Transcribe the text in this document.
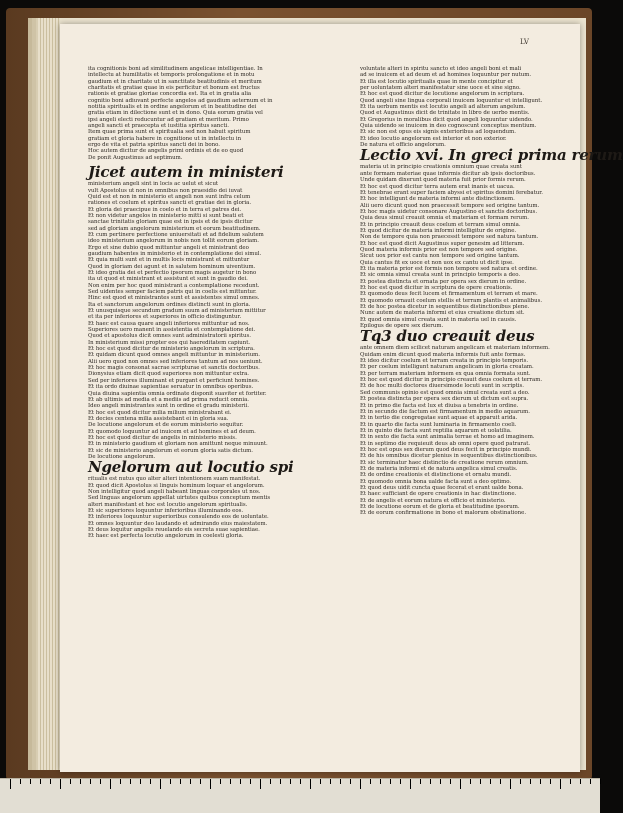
LV
ita cognitionis boni ad similitudinem angelicae intelligentiae. In
intellectu at humilitatis et temporis prolongatione et in motu
gaudium et in charitate ut in sanctitate beatitudinis et meritum
charitatis et gratiae quae in eis perficitur et bonum est fructus
rationis et gratiae gloriae concordia est. Ita et in gratia alia
cognitio boni adiuvant perfecte angelos ad gaudium aeternum et in
notitia spiritualis et in ordine angelorum et in beatitudine dei
gratia etiam in dilectione sunt et in dono. Quia eorum gratia vel
ipsi angeli electi reducuntur ad gratiam et meritum. Primo
angeli sancti et praecepta et iustitia spiritus sancti.
Item quae prima sunt et spiritualia sed non habuit spiritum
gratiam et gloria habere in cognitione ut in intellectu in
ergo de vita et patria spiritus sancti dei in bono.
Hoc autem dicitur de angelis primi ordinis et de eo quod
De ponit Augustinus ad septimum.
Jicet autem in ministeri
ministerium angeli sint in locis ac uelut et sicut
vult Apostolus ut non in omnibus non praesidio dei iuvat
Quid est et non in ministerio et angeli non sunt infra celum
rationes et coelum et spiritus sancti et gratiae dei in gloria.
Et gloria dei praecipue in coelo et in terra et patres dei.
Et non videtur angelos in ministerio mitti si sunt beati et
sanctae trinitatis gloriam quae est in ipsis et de ipsis dicitur
sed ad gloriam angelorum ministerium et eorum beatitudinem.
Et cum pertinere perfectione uniuersitati et ad fidelium salutem
ideo ministerium angelorum in nobis non tollit eorum gloriam.
Ergo et sine dubio quod mittuntur angeli et ministrant deo
gaudium habentes in ministerio et in contemplatione dei simul.
Et quia multi sunt et in multis locis ministrant et mittuntur
Quod in gloriam dei agunt et in salutem hominum uiventium.
Et ideo gratia dei et perfectio ipsorum magis augetur in bono
ita ut quod et ministrant et assistunt et sunt in gaudio dei.
Non enim per hoc quod ministrant a contemplatione recedunt.
Sed uidentes semper faciem patris qui in coelis est mittuntur.
Hinc est quod et ministrantes sunt et assistentes simul omnes.
Ita et sanctorum angelorum ordines distincti sunt in gloria.
Et unusquisque secundum gradum suum ad ministerium mittitur
et ita per inferiores et superiores in officio distinguntur.
Et haec est causa quare angeli inferiores mittuntur ad nos.
Superiores uero manent in assistentia et contemplatione dei.
Quod et apostolus dicit omnes sunt administratorii spiritus.
In ministerium missi propter eos qui haereditatem capiunt.
Et hoc est quod dicitur de ministerio angelorum in scriptura.
Et quidam dicunt quod omnes angeli mittuntur in ministerium.
Alii uero quod non omnes sed inferiores tantum ad nos ueniunt.
Et hoc magis consonat sacrae scripturae et sanctis doctoribus.
Dionysius etiam dicit quod superiores non mittuntur extra.
Sed per inferiores illuminant et purgant et perficiunt homines.
Et ita ordo diuinae sapientiae seruatur in omnibus operibus.
Quia diuina sapientia omnia ordinate disponit suaviter et fortiter.
Et ab ultimis ad media et a mediis ad prima reducit omnia.
Ideo angeli ministrantes sunt in ordine et gradu ministerii.
Et hoc est quod dicitur milia milium ministrabant ei.
Et decies centena milia assistebant ei in gloria sua.
De locutione angelorum et de eorum ministerio sequitur.
Et quomodo loquuntur ad inuicem et ad homines et ad deum.
Et hoc est quod dicitur de angelis in ministerio missis.
Et in ministerio gaudium et gloriam non amittunt neque minuunt.
Et sic de ministerio angelorum et eorum gloria satis dictum.
De locutione angelorum.
Ngelorum aut locutio spi
ritualis est nutus quo alter alteri intentionem suam manifestat.
Et quod dicit Apostolus si linguis hominum loquar et angelorum.
Non intelligitur quod angeli habeant linguas corporales ut nos.
Sed linguas angelorum appellat uirtutes quibus conceptum mentis
alteri manifestant et hoc est locutio angelorum spiritualis.
Et sic superiores loquuntur inferioribus illuminando eos.
Et inferiores loquuntur superioribus consulendo eos de uoluntate.
Et omnes loquuntur deo laudando et admirando eius maiestatem.
Et deus loquitur angelis reuelando eis secreta suae sapientiae.
Et haec est perfecta locutio angelorum in coelesti gloria.
voluntate alteri in spiritu sancto et ideo angeli boni et mali
ad se inuicem et ad deum et ad homines loquuntur per nutum.
Et illa est locutio spiritualis quae in mente concipitur et
per uoluntatem alteri manifestatur sine uoce et sine signo.
Et hoc est quod dicitur de locutione angelorum in scriptura.
Quod angeli sine lingua corporali inuicem loquuntur et intelligunt.
Et ita uerbum mentis est locutio angeli ad alterum angelum.
Quod et Augustinus dicit de trinitate in libro de uerbo mentis.
Et Gregorius in moralibus dicit quod angeli loquuntur uidendo.
Quia uidendo se inuicem in deo cognoscunt conceptus mentium.
Et sic non est opus eis signis exterioribus ad loquendum.
Et ideo locutio angelorum est interior et non exterior.
De natura et officio angelorum.
Lectio xvi. In greci prima rerum
materia ut in principio creationis omnium quae creata sunt
ante formam materiae quae informis dicitur ab ipsis doctoribus.
Unde quidam dixerunt quod materia fuit prior formis rerum.
Et hoc est quod dicitur terra autem erat inanis et uacua.
Et tenebrae erant super faciem abyssi et spiritus domini ferebatur.
Et hoc intelligunt de materia informi ante distinctionem.
Alii uero dicunt quod non praecessit tempore sed origine tantum.
Et hoc magis uidetur consonare Augustino et sanctis doctoribus.
Quia deus simul creauit omnia et materiam et formam rerum.
Et in principio creauit deus coelum et terram simul omnia.
Et quod dicitur de materia informi intelligitur de origine.
Non de tempore quia non praecessit tempore sed natura tantum.
Et hoc est quod dicit Augustinus super genesim ad litteram.
Quod materia informis prior est non tempore sed origine.
Sicut uox prior est cantu non tempore sed origine tantum.
Quia cantus fit ex uoce et non uox ex cantu ut dicit ipse.
Et ita materia prior est formis non tempore sed natura et ordine.
Et sic omnia simul creata sunt in principio temporis a deo.
Et postea distincta et ornata per opera sex dierum in ordine.
Et hoc est quod dicitur in scriptura de opere creationis.
Et quomodo deus fecit lucem et firmamentum et terram et mare.
Et quomodo ornauit coelum stellis et terram plantis et animalibus.
Et de hoc postea dicetur in sequentibus distinctionibus plene.
Nunc autem de materia informi et eius creatione dictum sit.
Et quod omnia simul creata sunt in materia uel in causis.
Epilogus de opere sex dierum.
Tq3 duo creauit deus
ante omnem diem scilicet naturam angelicam et materiam informem.
Quidam enim dicunt quod materia informis fuit ante formas.
Et ideo dicitur coelum et terram creata in principio temporis.
Et per coelum intelligunt naturam angelicam in gloria creatam.
Et per terram materiam informem ex qua omnia formata sunt.
Et hoc est quod dicitur in principio creauit deus coelum et terram.
Et de hoc multi doctores diuersimode locuti sunt in scriptis.
Sed communis opinio est quod omnia simul creata sunt a deo.
Et postea distincta per opera sex dierum ut dictum est supra.
Et in primo die facta est lux et diuisa a tenebris in ordine.
Et in secundo die factum est firmamentum in medio aquarum.
Et in tertio die congregatae sunt aquae et apparuit arida.
Et in quarto die facta sunt luminaria in firmamento coeli.
Et in quinto die facta sunt reptilia aquarum et uolatilia.
Et in sexto die facta sunt animalia terrae et homo ad imaginem.
Et in septimo die requieuit deus ab omni opere quod patrarat.
Et hoc est opus sex dierum quod deus fecit in principio mundi.
Et de his omnibus dicetur plenius in sequentibus distinctionibus.
Et sic terminatur haec distinctio de creatione rerum omnium.
Et de materia informi et de natura angelica simul creatis.
Et de ordine creationis et distinctione et ornatu mundi.
Et quomodo omnia bona ualde facta sunt a deo optimo.
Et quod deus uidit cuncta quae fecerat et erant ualde bona.
Et haec sufficiant de opere creationis in hac distinctione.
Et de angelis et eorum natura et officio et ministerio.
Et de locutione eorum et de gloria et beatitudine ipsorum.
Et de eorum confirmatione in bono et malorum obstinatione.
